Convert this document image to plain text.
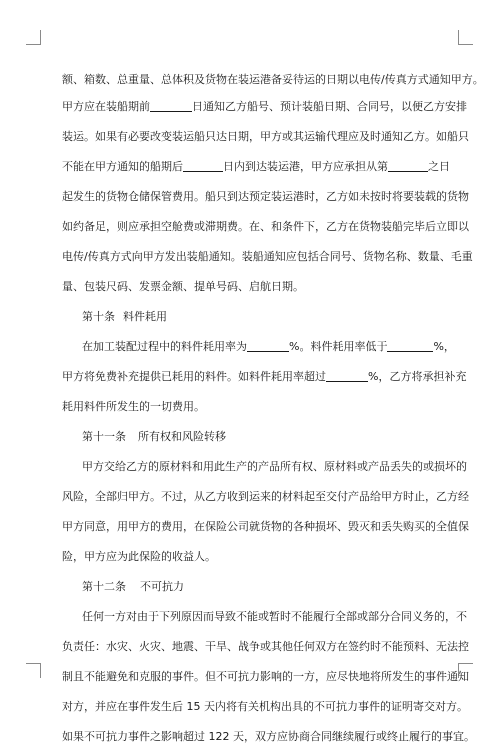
额、箱数、总重量、总体积及货物在装运港备妥待运的日期以电传/传真方式通知甲方。
甲方应在装船期前	日通知乙方船号、预计装船日期、合同号，以便乙方安排
装运。如果有必要改变装运船只达日期，甲方或其运输代理应及时通知乙方。如船只
不能在甲方通知的船期后	日内到达装运港，甲方应承担从第	之日
起发生的货物仓储保管费用。船只到达预定装运港时，乙方如未按时将要装载的货物
如约备足，则应承担空舱费或滞期费。在、和条件下，乙方在货物装船完毕后立即以
电传/传真方式向甲方发出装船通知。装船通知应包括合同号、货物名称、数量、毛重
量、包装尺码、发票金额、提单号码、启航日期。
第十条 料件耗用
在加工装配过程中的料件耗用率为	%。料件耗用率低于	%，
甲方将免费补充提供已耗用的料件。如料件耗用率超过	%，乙方将承担补充
耗用料件所发生的一切费用。
第十一条 所有权和风险转移
甲方交给乙方的原材料和用此生产的产品所有权、原材料或产品丢失的或损坏的
风险，全部归甲方。不过，从乙方收到运来的材料起至交付产品给甲方时止，乙方经
甲方同意，用甲方的费用，在保险公司就货物的各种损坏、毁灭和丢失购买的全值保
险，甲方应为此保险的收益人。
第十二条 不可抗力
任何一方对由于下列原因而导致不能或暂时不能履行全部或部分合同义务的，不
负责任：水灾、火灾、地震、干旱、战争或其他任何双方在签约时不能预料、无法控
制且不能避免和克服的事件。但不可抗力影响的一方，应尽快地将所发生的事件通知
对方，并应在事件发生后 15 天内将有关机构出具的不可抗力事件的证明寄交对方。
如果不可抗力事件之影响超过 122 天，双方应协商合同继续履行或终止履行的事宜。
